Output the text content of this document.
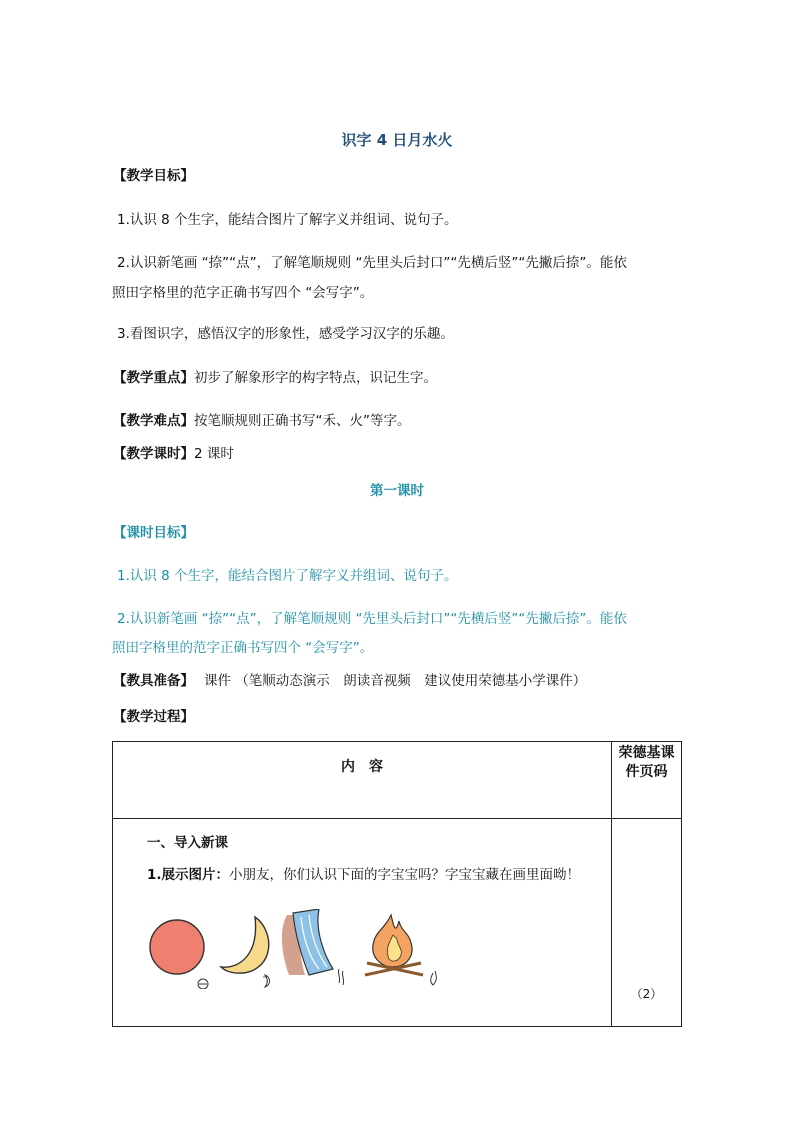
识字 4 日月水火
【教学目标】
1.认识 8 个生字，能结合图片了解字义并组词、说句子。
2.认识新笔画 “捺”“点”，了解笔顺规则 “先里头后封口”“先横后竖”“先撇后捺”。能依
照田字格里的范字正确书写四个 “会写字”。
3.看图识字，感悟汉字的形象性，感受学习汉字的乐趣。
【教学重点】初步了解象形字的构字特点，识记生字。
【教学难点】按笔顺规则正确书写“禾、火”等字。
【教学课时】2 课时
第一课时
【课时目标】
1.认识 8 个生字，能结合图片了解字义并组词、说句子。
2.认识新笔画 “捺”“点”，了解笔顺规则 “先里头后封口”“先横后竖”“先撇后捺”。能依
照田字格里的范字正确书写四个 “会写字”。
【教具准备】 课件 （笔顺动态演示　朗读音视频　建议使用荣德基小学课件）
【教学过程】
内　容	荣德基课件页码

一、导入新课
1.展示图片：小朋友，你们认识下面的字宝宝吗？字宝宝藏在画里面呦！	（2）
